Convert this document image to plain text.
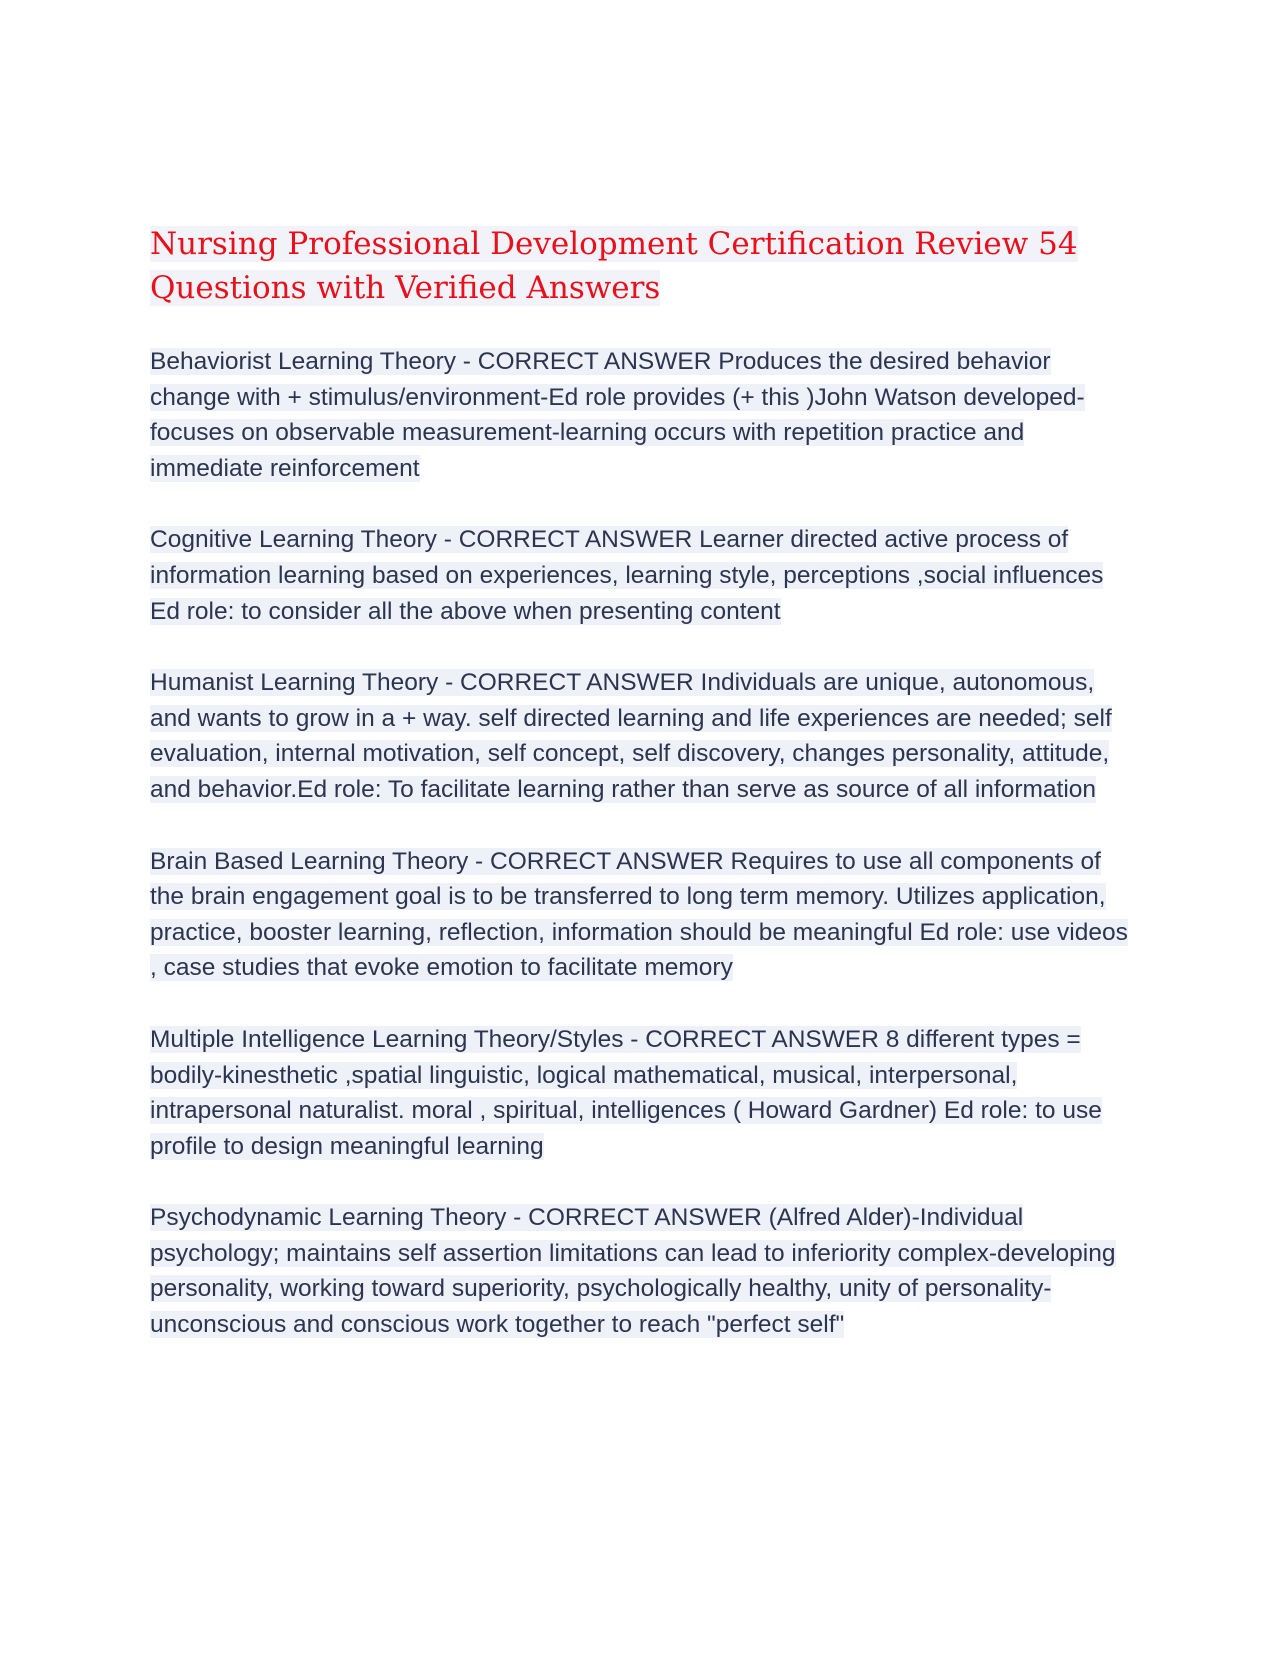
Nursing Professional Development Certification Review 54 Questions with Verified Answers

Behaviorist Learning Theory - CORRECT ANSWER Produces the desired behavior change with + stimulus/environment-Ed role provides (+ this )John Watson developed-focuses on observable measurement-learning occurs with repetition practice and immediate reinforcement

Cognitive Learning Theory - CORRECT ANSWER Learner directed active process of information learning based on experiences, learning style, perceptions ,social influences Ed role: to consider all the above when presenting content

Humanist Learning Theory - CORRECT ANSWER Individuals are unique, autonomous, and wants to grow in a + way. self directed learning and life experiences are needed; self evaluation, internal motivation, self concept, self discovery, changes personality, attitude, and behavior.Ed role: To facilitate learning rather than serve as source of all information

Brain Based Learning Theory - CORRECT ANSWER Requires to use all components of the brain engagement goal is to be transferred to long term memory. Utilizes application, practice, booster learning, reflection, information should be meaningful Ed role: use videos , case studies that evoke emotion to facilitate memory

Multiple Intelligence Learning Theory/Styles - CORRECT ANSWER 8 different types = bodily-kinesthetic ,spatial linguistic, logical mathematical, musical, interpersonal, intrapersonal naturalist. moral , spiritual, intelligences ( Howard Gardner) Ed role: to use profile to design meaningful learning

Psychodynamic Learning Theory - CORRECT ANSWER (Alfred Alder)-Individual psychology; maintains self assertion limitations can lead to inferiority complex-developing personality, working toward superiority, psychologically healthy, unity of personality-unconscious and conscious work together to reach "perfect self"
